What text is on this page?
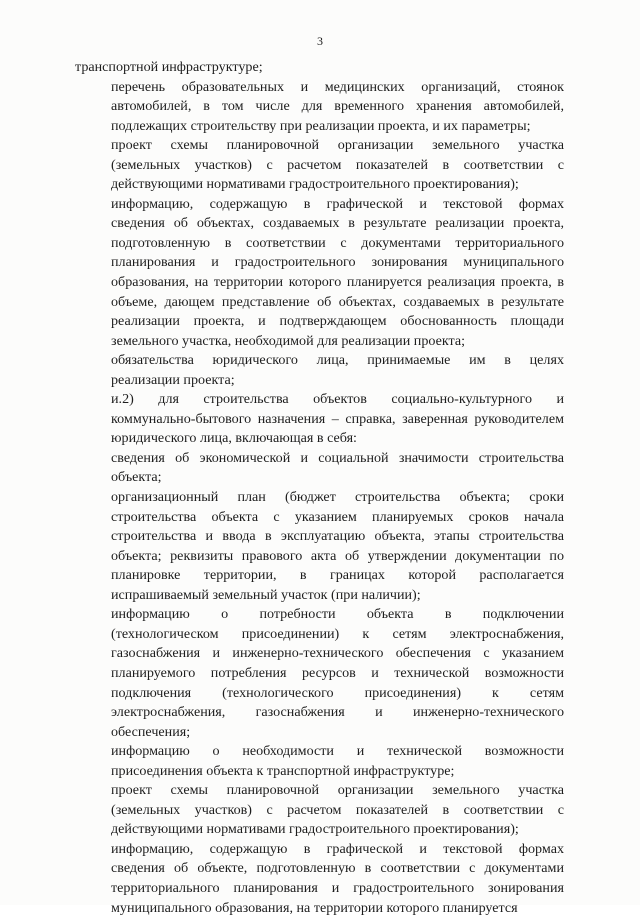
3

транспортной инфраструктуре;

перечень образовательных и медицинских организаций, стоянок
автомобилей, в том числе для временного хранения автомобилей,
подлежащих строительству при реализации проекта, и их параметры;

проект схемы планировочной организации земельного участка
(земельных участков) с расчетом показателей в соответствии с
действующими нормативами градостроительного проектирования);

информацию, содержащую в графической и текстовой формах
сведения об объектах, создаваемых в результате реализации проекта,
подготовленную в соответствии с документами территориального
планирования и градостроительного зонирования муниципального
образования, на территории которого планируется реализация проекта, в
объеме, дающем представление об объектах, создаваемых в результате
реализации проекта, и подтверждающем обоснованность площади
земельного участка, необходимой для реализации проекта;

обязательства юридического лица, принимаемые им в целях
реализации проекта;

и.2) для строительства объектов социально-культурного и
коммунально-бытового назначения – справка, заверенная руководителем
юридического лица, включающая в себя:

сведения об экономической и социальной значимости строительства
объекта;

организационный план (бюджет строительства объекта; сроки
строительства объекта с указанием планируемых сроков начала
строительства и ввода в эксплуатацию объекта, этапы строительства
объекта; реквизиты правового акта об утверждении документации по
планировке территории, в границах которой располагается
испрашиваемый земельный участок (при наличии);

информацию о потребности объекта в подключении
(технологическом присоединении) к сетям электроснабжения,
газоснабжения и инженерно-технического обеспечения с указанием
планируемого потребления ресурсов и технической возможности
подключения (технологического присоединения) к сетям
электроснабжения, газоснабжения и инженерно-технического
обеспечения;

информацию о необходимости и технической возможности
присоединения объекта к транспортной инфраструктуре;

проект схемы планировочной организации земельного участка
(земельных участков) с расчетом показателей в соответствии с
действующими нормативами градостроительного проектирования);

информацию, содержащую в графической и текстовой формах
сведения об объекте, подготовленную в соответствии с документами
территориального планирования и градостроительного зонирования
муниципального образования, на территории которого планируется
